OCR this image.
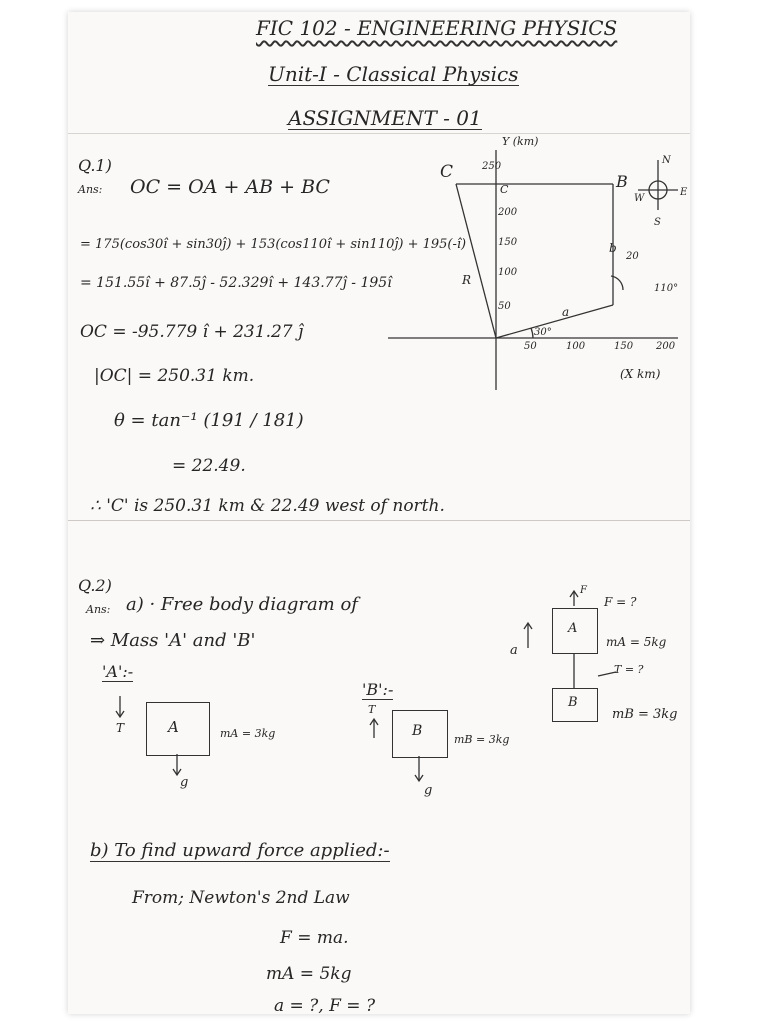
FIC 102 - ENGINEERING PHYSICS
Unit-I - Classical Physics
ASSIGNMENT - 01
Q.1)
Ans: OC = OA + AB + BC
= 175(cos30î + sin30ĵ) + 153(cos110î + sin110ĵ) + 195(-î)
= 151.55î + 87.5ĵ - 52.329î + 143.77ĵ - 195î
OC = -95.779 î + 231.27 ĵ
|OC| = 250.31 km.
θ = tan⁻¹ (191 / 181)
= 22.49.
∴ 'C' is 250.31 km & 22.49 west of north.
Y (km)
250
200
150
100
50
50	100	150 200
(X km)
C
C	B
R
a
b
30°
110°
20
N
S
E
W
Q.2)
Ans: a) · Free body diagram of
⇒ Mass 'A' and 'B'
'A':-
'B':-
A
T
g
mA = 3kg	B
T
g
mB = 3kg
A
B
F
F = ?
mA = 5kg
T = ?
mB = 3kg
a
b) To find upward force applied:-
From; Newton's 2nd Law
F = ma.
mA = 5kg
a = ?, F = ?
